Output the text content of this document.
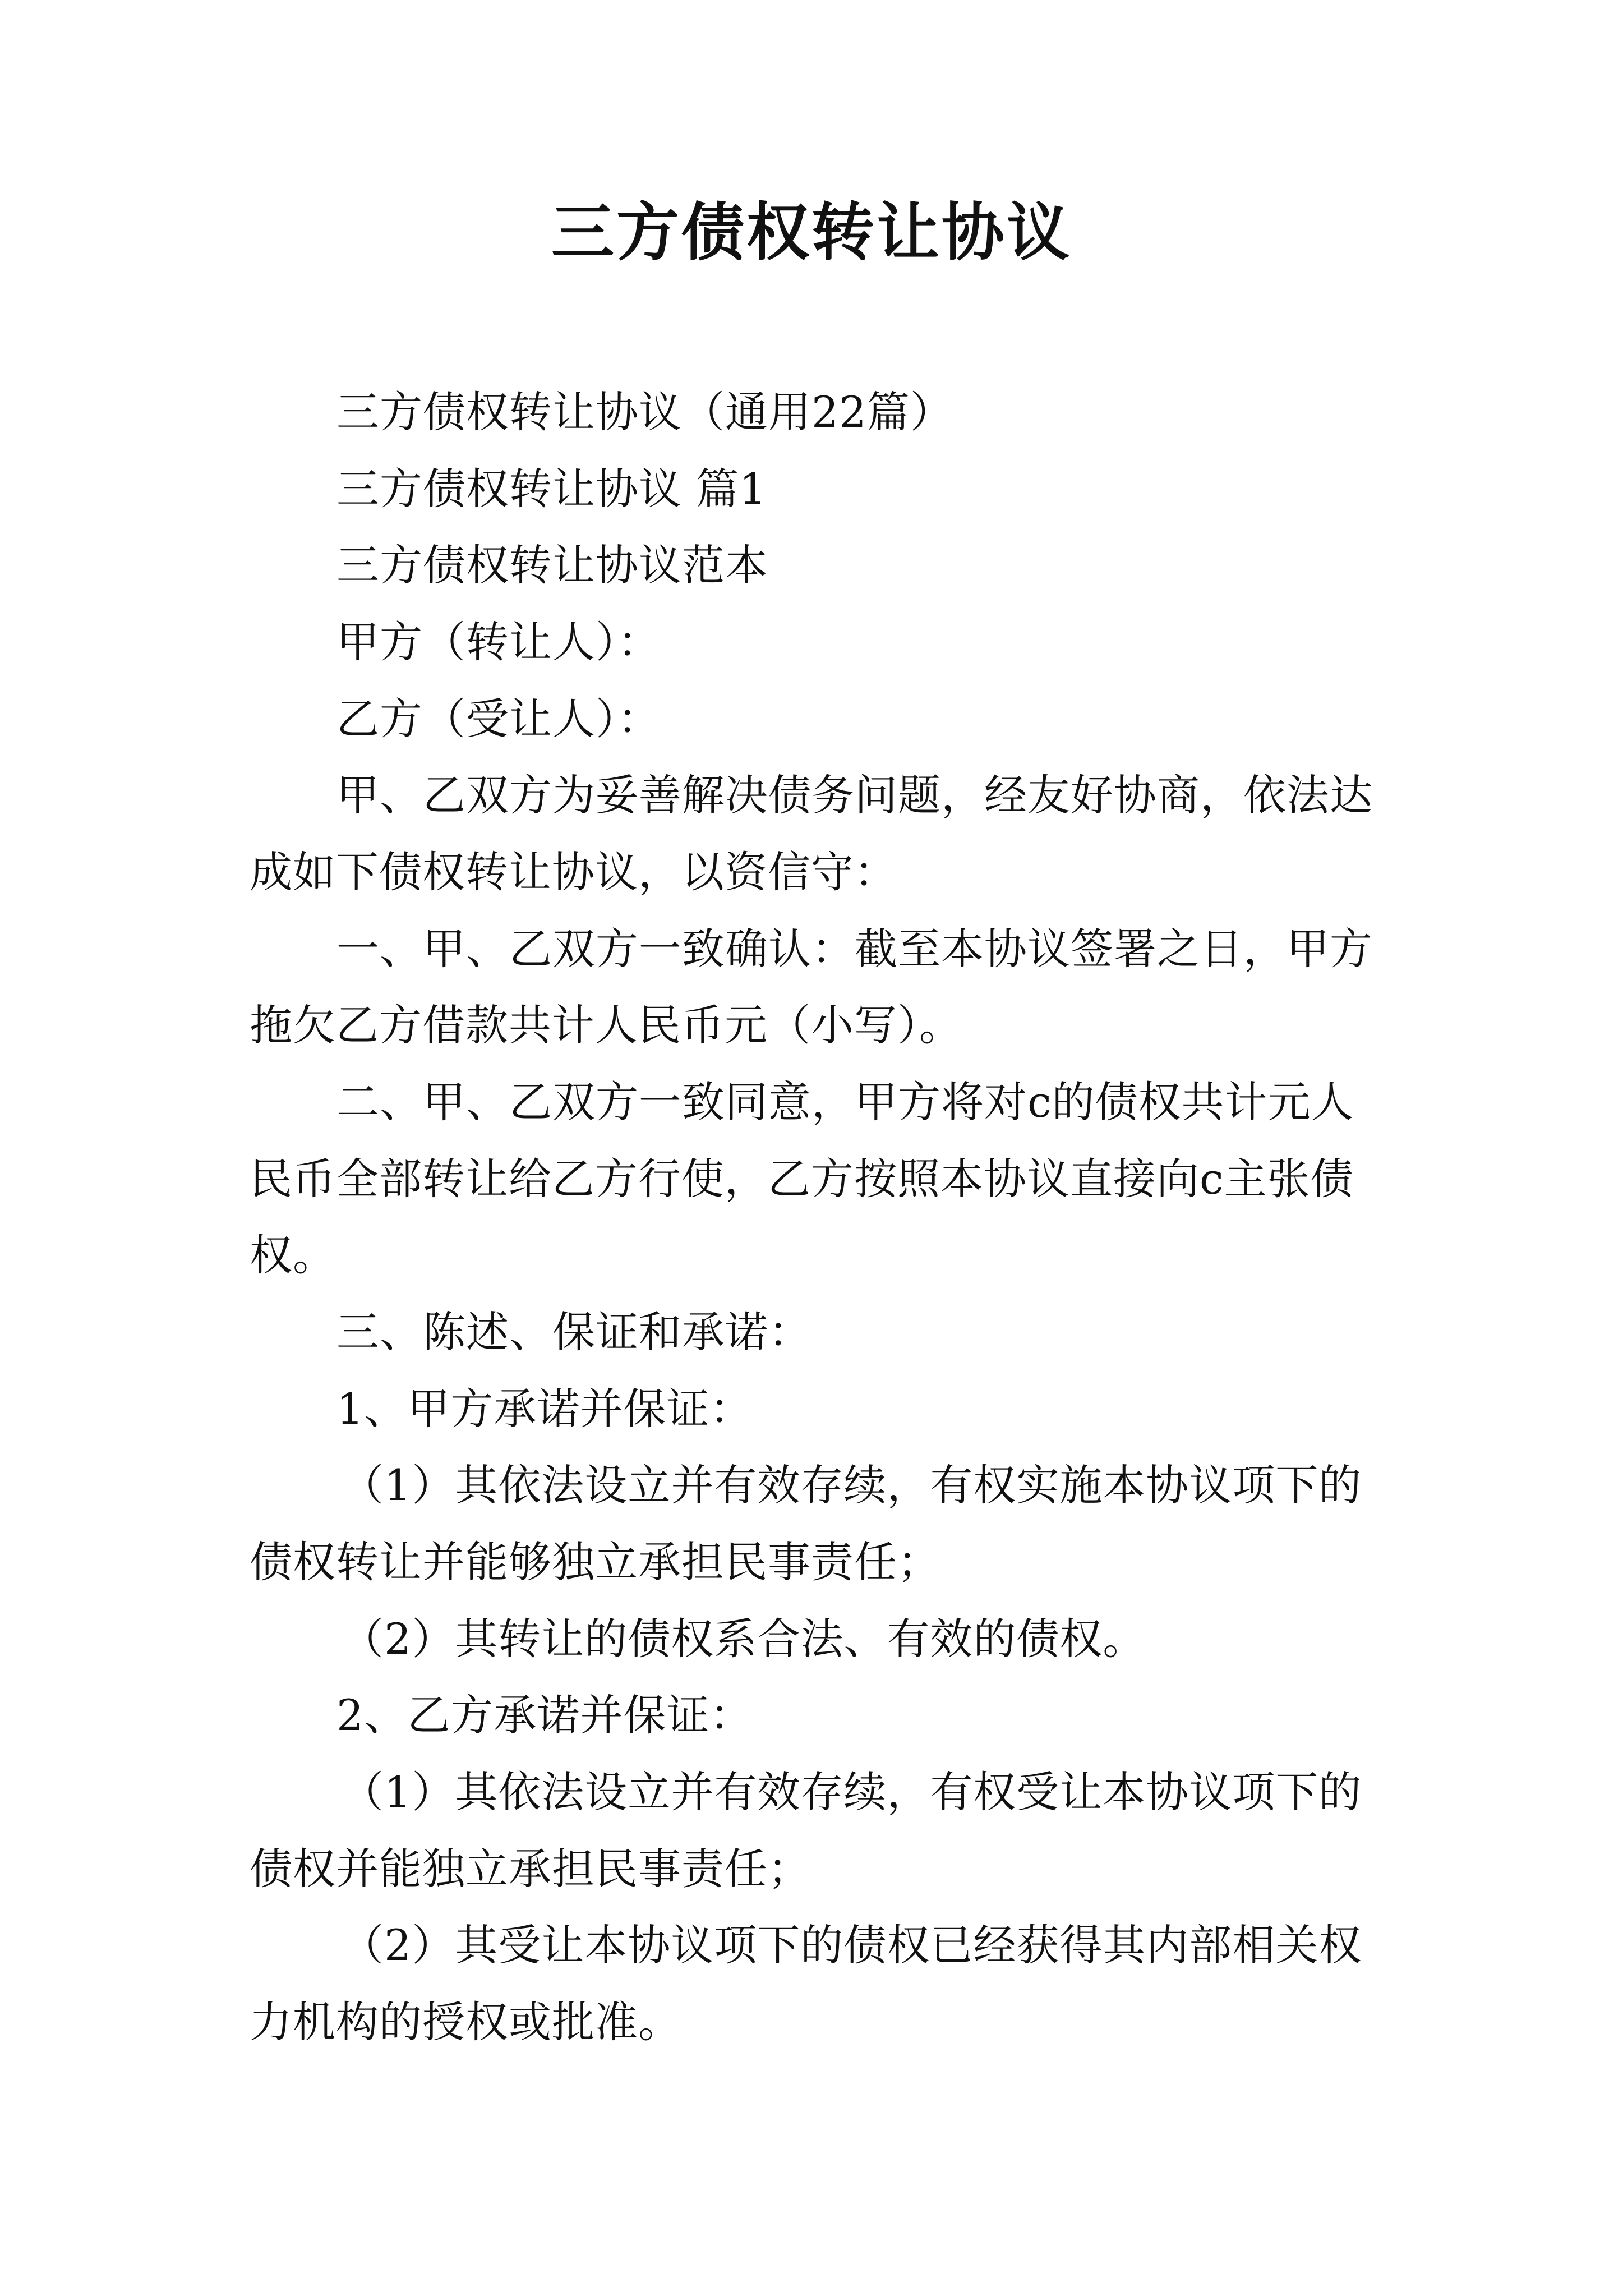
三方债权转让协议
三方债权转让协议（通用22篇）
三方债权转让协议 篇1
三方债权转让协议范本
甲方（转让人）：
乙方（受让人）：
甲、乙双方为妥善解决债务问题，经友好协商，依法达
成如下债权转让协议，以资信守：
一、甲、乙双方一致确认：截至本协议签署之日，甲方
拖欠乙方借款共计人民币元（小写）。
二、甲、乙双方一致同意，甲方将对c的债权共计元人
民币全部转让给乙方行使，乙方按照本协议直接向c主张债
权。
三、陈述、保证和承诺：
1、甲方承诺并保证：
（1）其依法设立并有效存续，有权实施本协议项下的
债权转让并能够独立承担民事责任；
（2）其转让的债权系合法、有效的债权。
2、乙方承诺并保证：
（1）其依法设立并有效存续，有权受让本协议项下的
债权并能独立承担民事责任；
（2）其受让本协议项下的债权已经获得其内部相关权
力机构的授权或批准。
